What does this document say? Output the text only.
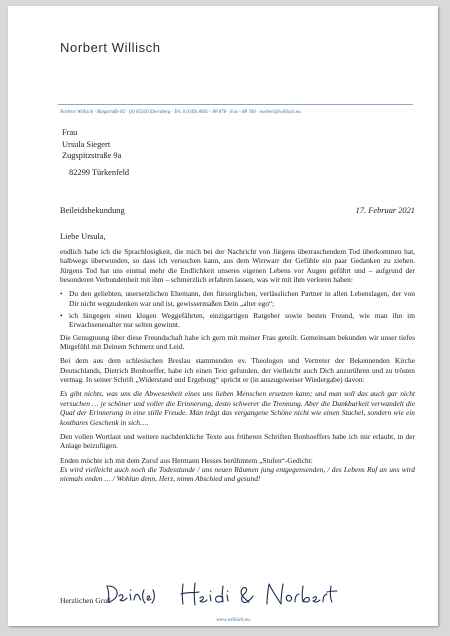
Norbert Willisch
Norbert Willisch · Ringstraße 82 · (0) 85560 Ebersberg · Tel. 0 (049) 8092 - 88 878 · Fax - 88 760 · norbert@willisch.eu
Frau
Ursula Siegert
Zugspitzstraße 9a
82299 Türkenfeld
Beileidsbekundung	17. Februar 2021
Liebe Ursula,

endlich habe ich die Sprachlosigkeit, die mich bei der Nachricht von Jürgens überraschendem Tod überkommen hat, halbwegs überwunden, so dass ich versuchen kann, aus dem Wirrwarr der Gefühle ein paar Gedanken zu ziehen. Jürgens Tod hat uns einmal mehr die Endlichkeit unseres eigenen Lebens vor Augen geführt und – aufgrund der besonderen Verbundenheit mit ihm – schmerzlich erfahren lassen, was wir mit ihm verloren haben:

• Du den geliebten, unersetzlichen Ehemann, den fürsorglichen, verlässlichen Partner in allen Lebenslagen, der von Dir nicht wegzudenken war und ist, gewissermaßen Dein „alter ego“;
• ich hingegen einen klugen Weggefährten, einzigartigen Ratgeber sowie besten Freund, wie man ihn im Erwachsenenalter nur selten gewinnt.

Die Genugtuung über diese Freundschaft habe ich gern mit meiner Frau geteilt. Gemeinsam bekunden wir unser tiefes Mitgefühl mit Deinem Schmerz und Leid.

Bei dem aus dem schlesischen Breslau stammenden ev. Theologen und Vertreter der Bekennenden Kirche Deutschlands, Dietrich Bonhoeffer, habe ich einen Text gefunden, der vielleicht auch Dich anzurühren und zu trösten vermag. In seiner Schrift „Widerstand und Ergebung“ spricht er (in auszugsweiser Wiedergabe) davon:

Es gibt nichts, was uns die Abwesenheit eines uns lieben Menschen ersetzen kann; und man soll das auch gar nicht versuchen … je schöner und voller die Erinnerung, desto schwerer die Trennung. Aber die Dankbarkeit verwandelt die Qual der Erinnerung in eine stille Freude. Man trägt das vergangene Schöne nicht wie einen Stachel, sondern wie ein kostbares Geschenk in sich….

Den vollen Wortlaut und weitere nachdenkliche Texte aus früheren Schriften Bonhoeffers habe ich mir erlaubt, in der Anlage beizufügen.

Enden möchte ich mit dem Zuruf aus Hermann Hesses berühmtem „Stufen“-Gedicht:

Es wird vielleicht auch noch die Todesstunde / uns neuen Räumen jung entgegensenden, / des Lebens Ruf an uns wird niemals enden … / Wohlan denn, Herz, nimm Abschied und gesund!

Herzlichen Gruß
www.willisch.eu
